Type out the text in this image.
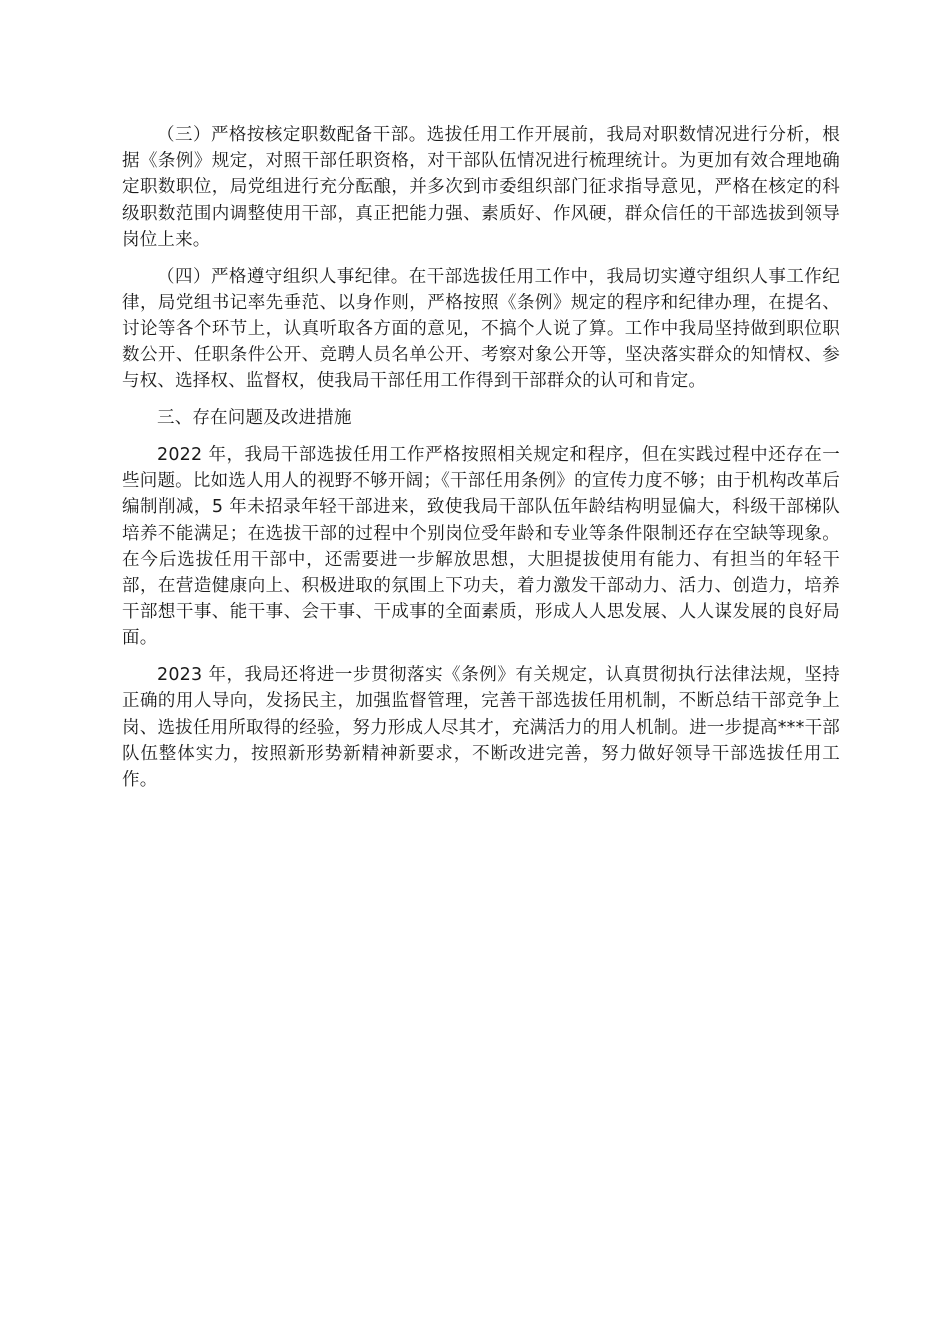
（三）严格按核定职数配备干部。选拔任用工作开展前，我局对职数情况进行分析，根据《条例》规定，对照干部任职资格，对干部队伍情况进行梳理统计。为更加有效合理地确定职数职位，局党组进行充分酝酿，并多次到市委组织部门征求指导意见，严格在核定的科级职数范围内调整使用干部，真正把能力强、素质好、作风硬，群众信任的干部选拔到领导岗位上来。

（四）严格遵守组织人事纪律。在干部选拔任用工作中，我局切实遵守组织人事工作纪律，局党组书记率先垂范、以身作则，严格按照《条例》规定的程序和纪律办理，在提名、讨论等各个环节上，认真听取各方面的意见，不搞个人说了算。工作中我局坚持做到职位职数公开、任职条件公开、竞聘人员名单公开、考察对象公开等，坚决落实群众的知情权、参与权、选择权、监督权，使我局干部任用工作得到干部群众的认可和肯定。

三、存在问题及改进措施

2022 年，我局干部选拔任用工作严格按照相关规定和程序，但在实践过程中还存在一些问题。比如选人用人的视野不够开阔；《干部任用条例》的宣传力度不够；由于机构改革后编制削减，5 年未招录年轻干部进来，致使我局干部队伍年龄结构明显偏大，科级干部梯队培养不能满足；在选拔干部的过程中个别岗位受年龄和专业等条件限制还存在空缺等现象。在今后选拔任用干部中，还需要进一步解放思想，大胆提拔使用有能力、有担当的年轻干部，在营造健康向上、积极进取的氛围上下功夫，着力激发干部动力、活力、创造力，培养干部想干事、能干事、会干事、干成事的全面素质，形成人人思发展、人人谋发展的良好局面。

2023 年，我局还将进一步贯彻落实《条例》有关规定，认真贯彻执行法律法规，坚持正确的用人导向，发扬民主，加强监督管理，完善干部选拔任用机制，不断总结干部竞争上岗、选拔任用所取得的经验，努力形成人尽其才，充满活力的用人机制。进一步提高***干部队伍整体实力，按照新形势新精神新要求，不断改进完善，努力做好领导干部选拔任用工作。
